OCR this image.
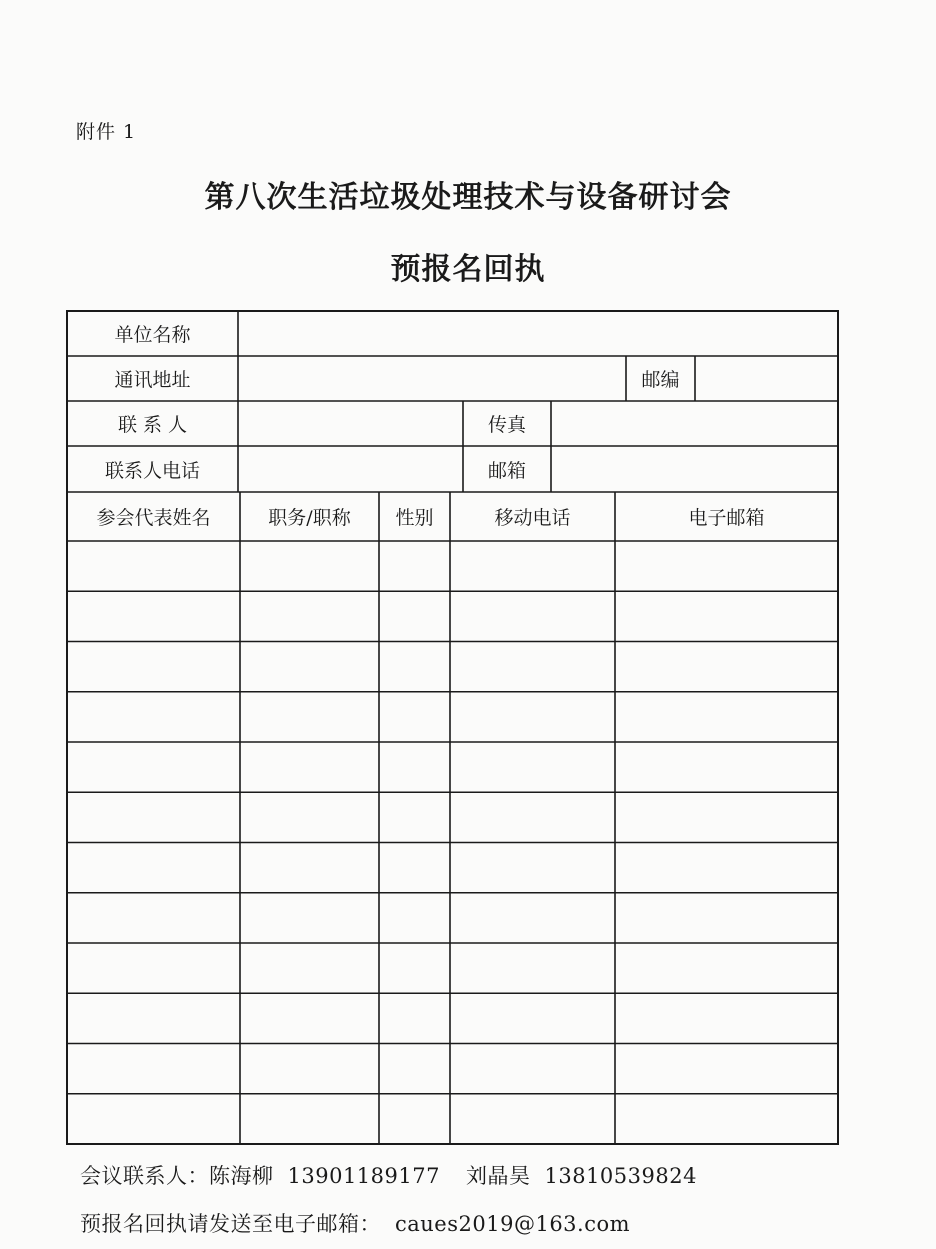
附件 1
第八次生活垃圾处理技术与设备研讨会
预报名回执
单位名称
通讯地址	邮编
联 系 人	传真
联系人电话	邮箱
参会代表姓名	职务/职称	性别	移动电话	电子邮箱
会议联系人：陈海柳 13901189177 刘晶昊 13810539824
预报名回执请发送至电子邮箱： caues2019@163.com
